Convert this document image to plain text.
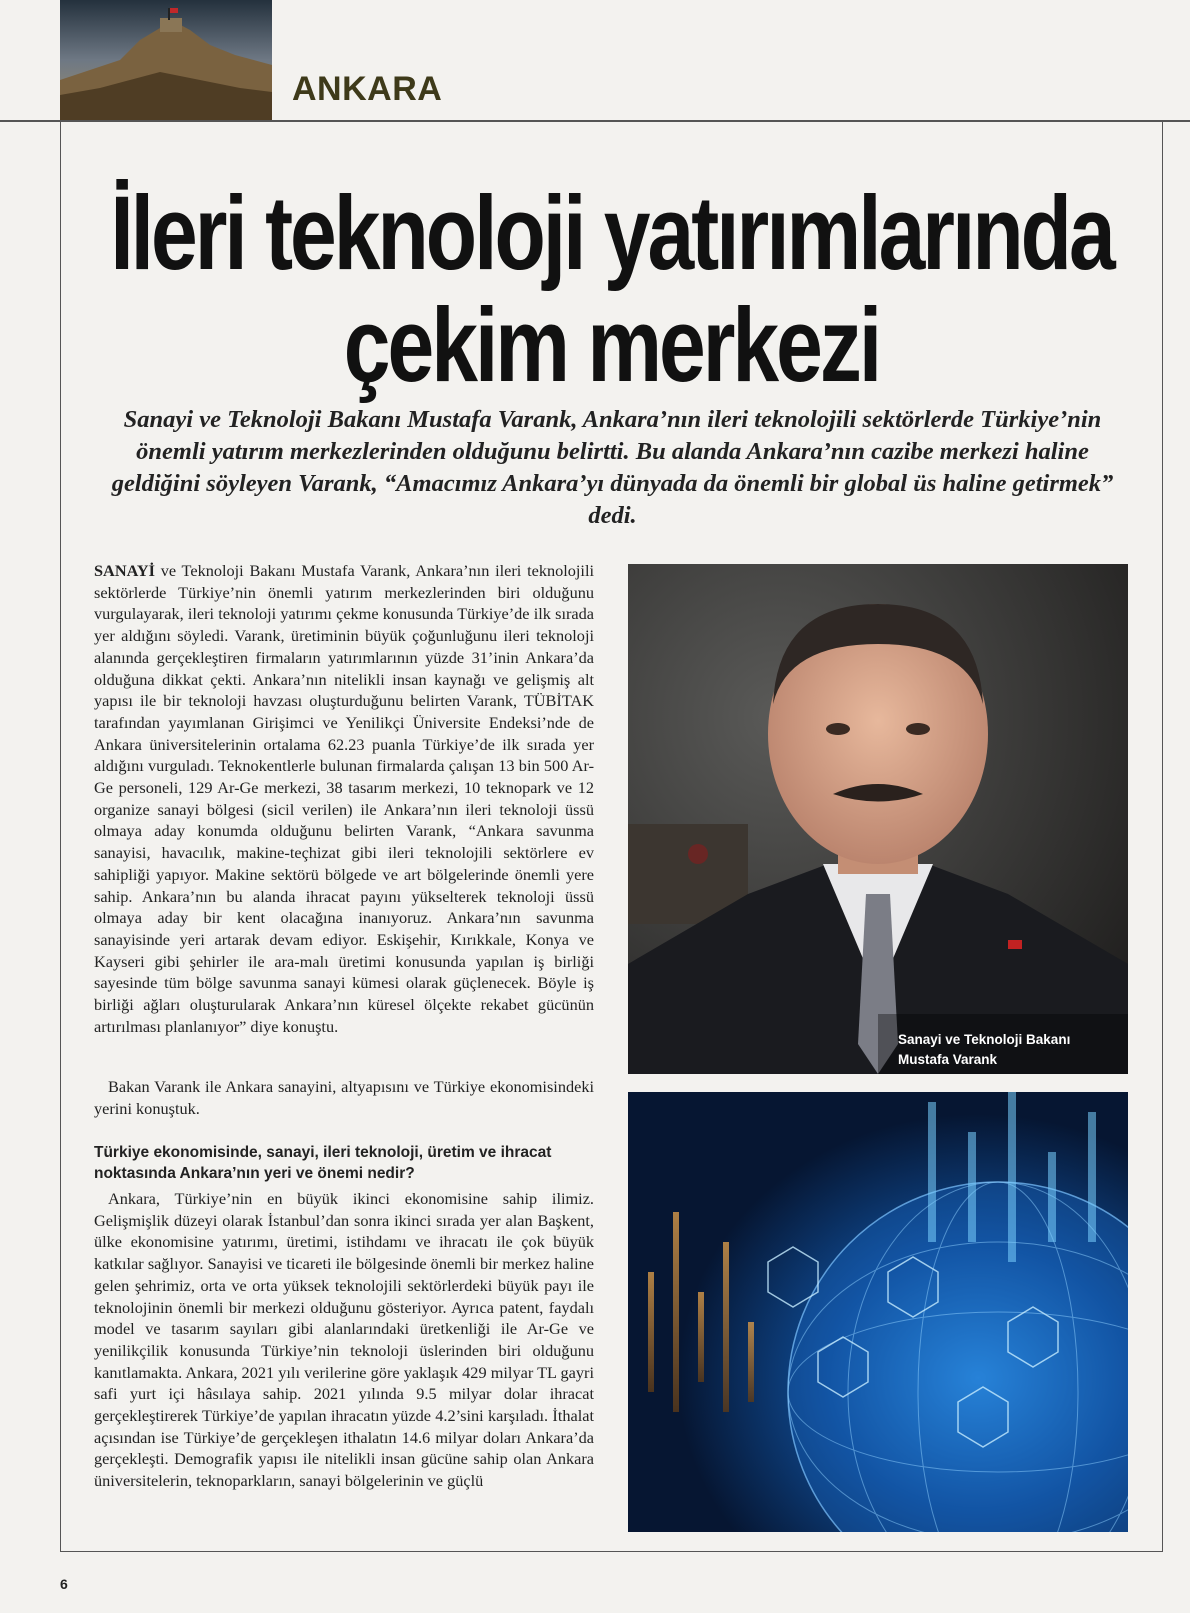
ANKARA
İleri teknoloji yatırımlarında
çekim merkezi
Sanayi ve Teknoloji Bakanı Mustafa Varank, Ankara’nın ileri teknolojili sektörlerde Türkiye’nin önemli yatırım merkezlerinden olduğunu belirtti. Bu alanda Ankara’nın cazibe merkezi haline geldiğini söyleyen Varank, “Amacımız Ankara’yı dünyada da önemli bir global üs haline getirmek” dedi.

SANAYİ ve Teknoloji Bakanı Mustafa Varank, Ankara’nın ileri teknolojili sektörlerde Türkiye’nin önemli yatırım merkezlerinden biri olduğunu vurgulayarak, ileri teknoloji yatırımı çekme konusunda Türkiye’de ilk sırada yer aldığını söyledi. Varank, üretiminin büyük çoğunluğunu ileri teknoloji alanında gerçekleştiren firmaların yatırımlarının yüzde 31’inin Ankara’da olduğuna dikkat çekti. Ankara’nın nitelikli insan kaynağı ve gelişmiş alt yapısı ile bir teknoloji havzası oluşturduğunu belirten Varank, TÜBİTAK tarafından yayımlanan Girişimci ve Yenilikçi Üniversite Endeksi’nde de Ankara üniversitelerinin ortalama 62.23 puanla Türkiye’de ilk sırada yer aldığını vurguladı. Teknokentlerle bulunan firmalarda çalışan 13 bin 500 Ar-Ge personeli, 129 Ar-Ge merkezi, 38 tasarım merkezi, 10 teknopark ve 12 organize sanayi bölgesi (sicil verilen) ile Ankara’nın ileri teknoloji üssü olmaya aday konumda olduğunu belirten Varank, “Ankara savunma sanayisi, havacılık, makine-teçhizat gibi ileri teknolojili sektörlere ev sahipliği yapıyor. Makine sektörü bölgede ve art bölgelerinde önemli yere sahip. Ankara’nın bu alanda ihracat payını yükselterek teknoloji üssü olmaya aday bir kent olacağına inanıyoruz. Ankara’nın savunma sanayisinde yeri artarak devam ediyor. Eskişehir, Kırıkkale, Konya ve Kayseri gibi şehirler ile ara-malı üretimi konusunda yapılan iş birliği sayesinde tüm bölge savunma sanayi kümesi olarak güçlenecek. Böyle iş birliği ağları oluşturularak Ankara’nın küresel ölçekte rekabet gücünün artırılması planlanıyor” diye konuştu.

Bakan Varank ile Ankara sanayini, altyapısını ve Türkiye ekonomisindeki yerini konuştuk.

Türkiye ekonomisinde, sanayi, ileri teknoloji, üretim ve ihracat noktasında Ankara’nın yeri ve önemi nedir?

Ankara, Türkiye’nin en büyük ikinci ekonomisine sahip ilimiz. Gelişmişlik düzeyi olarak İstanbul’dan sonra ikinci sırada yer alan Başkent, ülke ekonomisine yatırımı, üretimi, istihdamı ve ihracatı ile çok büyük katkılar sağlıyor. Sanayisi ve ticareti ile bölgesinde önemli bir merkez haline gelen şehrimiz, orta ve orta yüksek teknolojili sektörlerdeki büyük payı ile teknolojinin önemli bir merkezi olduğunu gösteriyor. Ayrıca patent, faydalı model ve tasarım sayıları gibi alanlarındaki üretkenliği ile Ar-Ge ve yenilikçilik konusunda Türkiye’nin teknoloji üslerinden biri olduğunu kanıtlamakta. Ankara, 2021 yılı verilerine göre yaklaşık 429 milyar TL gayri safi yurt içi hâsılaya sahip. 2021 yılında 9.5 milyar dolar ihracat gerçekleştirerek Türkiye’de yapılan ihracatın yüzde 4.2’sini karşıladı. İthalat açısından ise Türkiye’de gerçekleşen ithalatın 14.6 milyar doları Ankara’da gerçekleşti. Demografik yapısı ile nitelikli insan gücüne sahip olan Ankara üniversitelerin, teknoparkların, sanayi bölgelerinin ve güçlü

Sanayi ve Teknoloji Bakanı
Mustafa Varank
6
